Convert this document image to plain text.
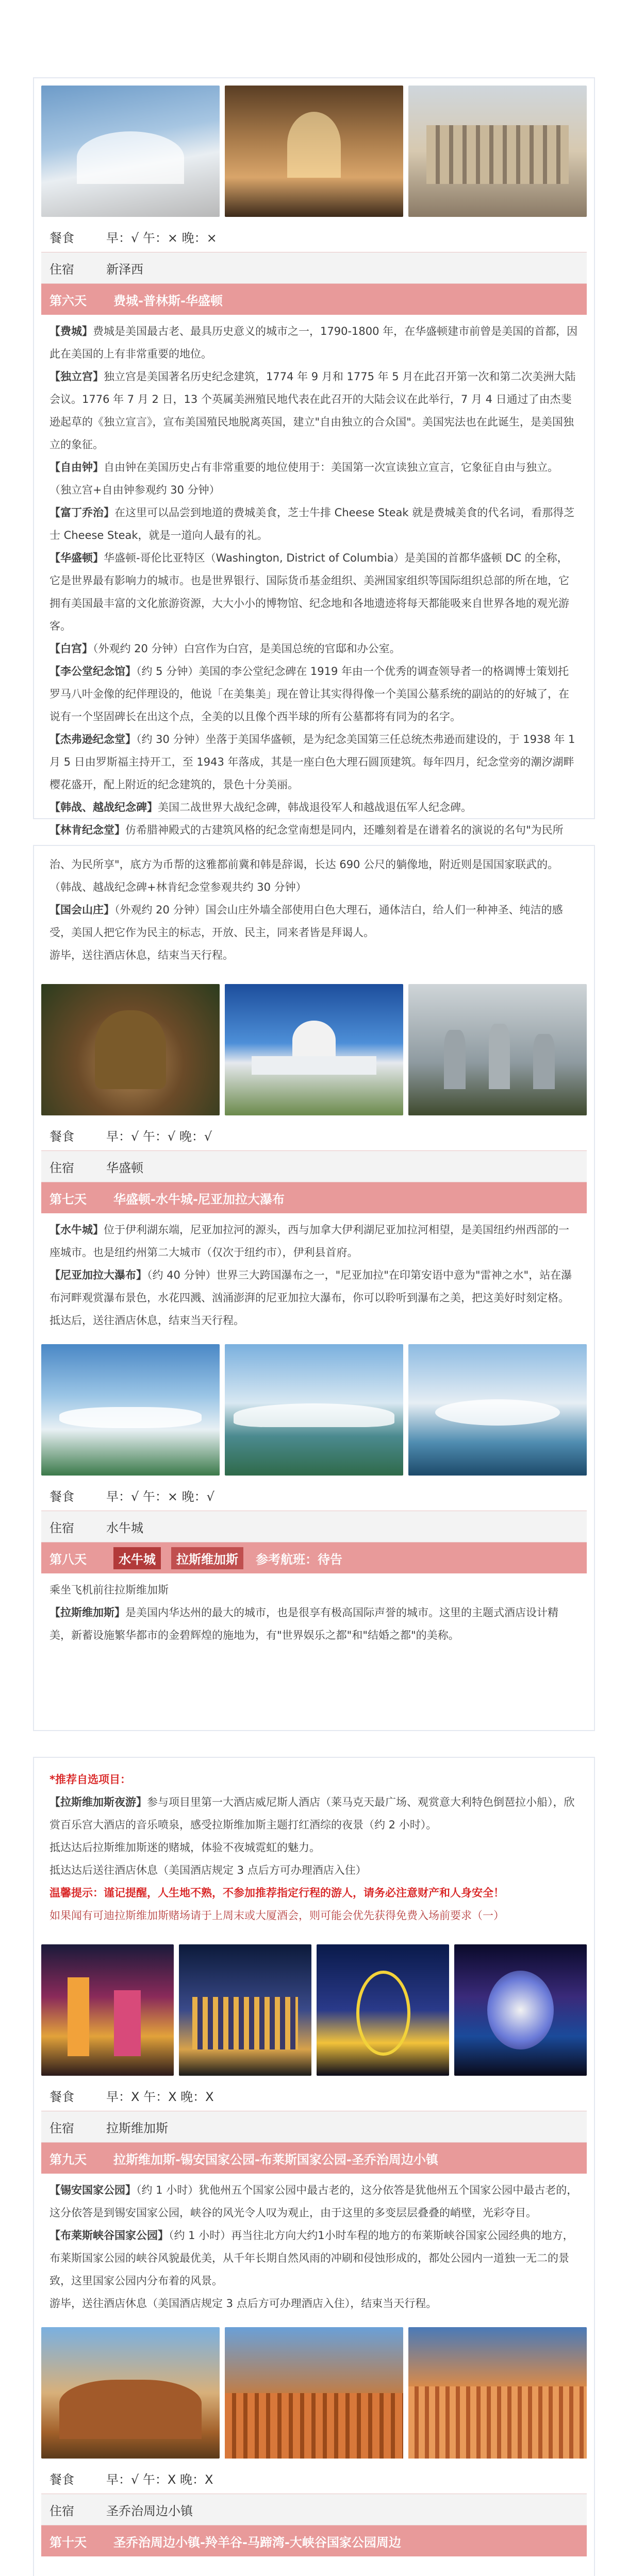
餐食	早：√ 午：× 晚：×
住宿	新泽西
第六天	费城-普林斯-华盛顿

【费城】费城是美国最古老、最具历史意义的城市之一，1790-1800 年，在华盛顿建市前曾是美国的首都，因此在美国的上有非常重要的地位。

【独立宫】独立宫是美国著名历史纪念建筑，1774 年 9 月和 1775 年 5 月在此召开第一次和第二次美洲大陆会议。1776 年 7 月 2 日，13 个英属美洲殖民地代表在此召开的大陆会议在此举行，7 月 4 日通过了由杰斐逊起草的《独立宣言》，宣布美国殖民地脱离英国，建立"自由独立的合众国"。美国宪法也在此诞生，是美国独立的象征。

【自由钟】自由钟在美国历史占有非常重要的地位使用于：美国第一次宣读独立宣言，它象征自由与独立。

（独立宫+自由钟参观约 30 分钟）

【富丁乔治】在这里可以品尝到地道的费城美食，芝士牛排 Cheese Steak 就是费城美食的代名词，看那得芝士 Cheese Steak，就是一道向人最有的礼。

【华盛顿】华盛顿-哥伦比亚特区（Washington, District of Columbia）是美国的首都华盛顿 DC 的全称，它是世界最有影响力的城市。也是世界银行、国际货币基金组织、美洲国家组织等国际组织总部的所在地，它拥有美国最丰富的文化旅游资源，大大小小的博物馆、纪念地和各地遗迹将每天都能吸来自世界各地的观光游客。

【白宫】（外观约 20 分钟）白宫作为白宫，是美国总统的官邸和办公室。

【李公堂纪念馆】（约 5 分钟）美国的李公堂纪念碑在 1919 年由一个优秀的调查领导者一的格调博士策划托罗马八叶金像的纪伴理设的，他说「在美集美」现在曾让其实得得像一个美国公墓系统的副站的的好城了，在说有一个坚固碑长在出这个点，全美的以且像个西半球的所有公墓都将有同为的名字。

【杰弗逊纪念堂】（约 30 分钟）坐落于美国华盛顿，是为纪念美国第三任总统杰弗逊而建设的，于 1938 年 1 月 5 日由罗斯福主持开工，至 1943 年落成，其是一座白色大理石圆顶建筑。每年四月，纪念堂旁的潮汐湖畔樱花盛开，配上附近的纪念建筑的，景色十分美丽。

【韩战、越战纪念碑】美国二战世界大战纪念碑，韩战退役军人和越战退伍军人纪念碑。

【林肯纪念堂】仿希腊神殿式的古建筑风格的纪念堂南想是同内，还雕刻着是在谱着名的演说的名句"为民所

治、为民所享"，底方为币帮的这雅都前冀和韩是辞谒，长达 690 公尺的躺像地，附近则是国国家联武的。

（韩战、越战纪念碑+林肯纪念堂参观共约 30 分钟）

【国会山庄】（外观约 20 分钟）国会山庄外墙全部使用白色大理石，通体洁白，给人们一种神圣、纯洁的感受，美国人把它作为民主的标志，开放、民主，同来者皆是拜谒人。

游毕，送往酒店休息，结束当天行程。

餐食	早：√ 午：√ 晚：√
住宿	华盛顿
第七天	华盛顿-水牛城-尼亚加拉大瀑布

【水牛城】位于伊利湖东端，尼亚加拉河的源头，西与加拿大伊利湖尼亚加拉河相望，是美国纽约州西部的一座城市。也是纽约州第二大城市（仅次于纽约市），伊利县首府。

【尼亚加拉大瀑布】（约 40 分钟）世界三大跨国瀑布之一，"尼亚加拉"在印第安语中意为"雷神之水"，站在瀑布河畔观赏瀑布景色，水花四溅、汹涌澎湃的尼亚加拉大瀑布，你可以聆听到瀑布之美，把这美好时刻定格。

抵达后，送往酒店休息，结束当天行程。

餐食	早：√ 午：× 晚：√
住宿	水牛城
第八天	水牛城	拉斯维加斯	参考航班：待告

乘坐飞机前往拉斯维加斯

【拉斯维加斯】是美国内华达州的最大的城市，也是很享有极高国际声誉的城市。这里的主题式酒店设计精美，新蓄设施繁华都市的金碧辉煌的施地为，有"世界娱乐之都"和"结婚之都"的美称。

*推荐自选项目：

【拉斯维加斯夜游】参与项目里第一大酒店威尼斯人酒店（莱马克天最广场、观赏意大利特色倒琶拉小船），欣赏百乐宫大酒店的音乐喷泉，感受拉斯维加斯主题打红酒综的夜景（约 2 小时）。

抵达达后拉斯维加斯迷的赌城，体验不夜城霓虹的魅力。

抵达达后送往酒店休息（美国酒店规定 3 点后方可办理酒店入住）

温馨提示：谨记提醒，人生地不熟，不参加推荐指定行程的游人，请务必注意财产和人身安全！

如果闻有可迪拉斯维加斯赌场请于上周末或大厦酒会，则可能会优先获得免费入场前要求（一）

餐食	早：X 午：X 晚：X
住宿	拉斯维加斯
第九天	拉斯维加斯-锡安国家公园-布莱斯国家公园-圣乔治周边小镇

【锡安国家公园】（约 1 小时）犹他州五个国家公园中最古老的，这分依答是犹他州五个国家公园中最古老的，这分依答是到锡安国家公园，峡谷的风光令人叹为观止，由于这里的多变层层叠叠的峭壁，光彩夺目。

【布莱斯峡谷国家公园】（约 1 小时）再当往北方向大约1小时车程的地方的布莱斯峡谷国家公园经典的地方，布莱斯国家公园的峡谷风貌最优美，从千年长期自然风雨的冲刷和侵蚀形成的，都处公园内一道独一无二的景致，这里国家公园内分布着的风景。

游毕，送往酒店休息（美国酒店规定 3 点后方可办理酒店入住），结束当天行程。

餐食	早：√ 午：X 晚：X
住宿	圣乔治周边小镇
第十天	圣乔治周边小镇-羚羊谷-马蹄湾-大峡谷国家公园周边
